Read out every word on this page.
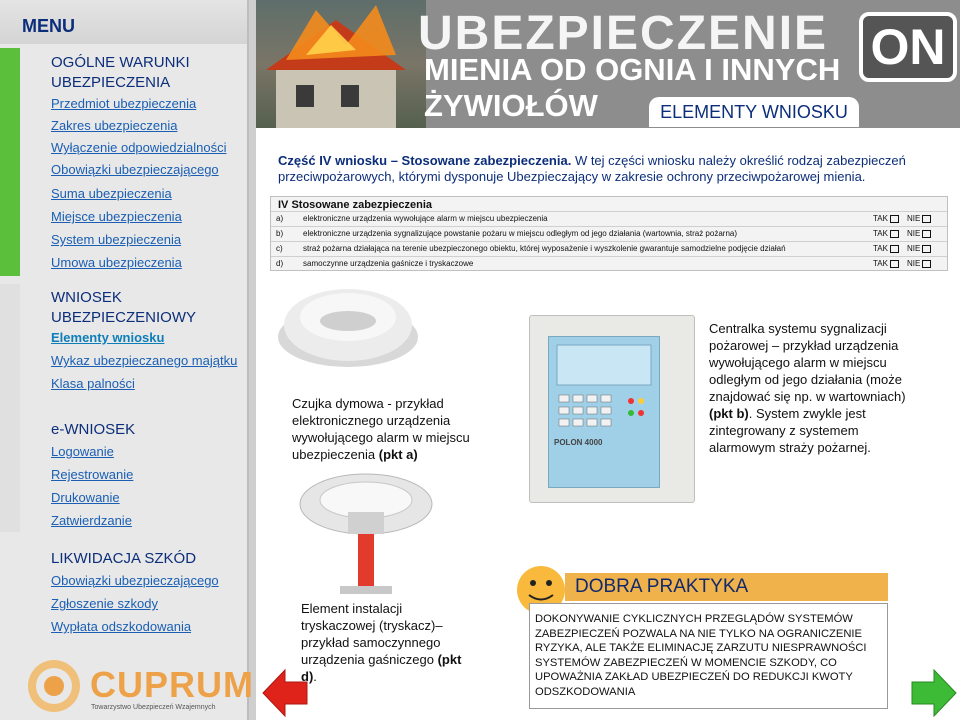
MENU
OGÓLNE WARUNKI UBEZPIECZENIA
Przedmiot ubezpieczenia
Zakres ubezpieczenia
Wyłączenie odpowiedzialności
Obowiązki ubezpieczającego
Suma ubezpieczenia
Miejsce ubezpieczenia
System ubezpieczenia
Umowa ubezpieczenia
WNIOSEK UBEZPIECZENIOWY
Elementy wniosku
Wykaz ubezpieczanego majątku
Klasa palności
e-WNIOSEK
Logowanie
Rejestrowanie
Drukowanie
Zatwierdzanie
LIKWIDACJA SZKÓD
Obowiązki ubezpieczającego
Zgłoszenie szkody
Wypłata odszkodowania
CUPRUM
Towarzystwo Ubezpieczeń Wzajemnych
UBEZPIECZENIE
MIENIA OD OGNIA I INNYCH ŻYWIOŁÓW
ON
ELEMENTY WNIOSKU
Część IV wniosku – Stosowane zabezpieczenia. W tej części wniosku należy określić rodzaj zabezpieczeń przeciwpożarowych, którymi dysponuje Ubezpieczający w zakresie ochrony przeciwpożarowej mienia.
IV Stosowane zabezpieczenia
a) elektroniczne urządzenia wywołujące alarm w miejscu ubezpieczenia	TAK	NIE
b) elektroniczne urządzenia sygnalizujące powstanie pożaru w miejscu odległym od jego działania (wartownia, straż pożarna)	TAK	NIE
c)	straż pożarna działająca na terenie ubezpieczonego obiektu, której wyposażenie i wyszkolenie gwarantuje samodzielne podjęcie działań	TAK	NIE
d) samoczynne urządzenia gaśnicze i tryskaczowe	TAK	NIE
Czujka dymowa - przykład elektronicznego urządzenia wywołującego alarm w miejscu ubezpieczenia (pkt a)
POLON 4000
Centralka systemu sygnalizacji pożarowej – przykład urządzenia wywołującego alarm w miejscu odległym od jego działania (może znajdować się np. w wartowniach) (pkt b). System zwykle jest zintegrowany z systemem alarmowym straży pożarnej.
Element instalacji tryskaczowej (tryskacz)– przykład samoczynnego urządzenia gaśniczego (pkt d).
DOBRA PRAKTYKA
DOKONYWANIE CYKLICZNYCH PRZEGLĄDÓW SYSTEMÓW ZABEZPIECZEŃ POZWALA NA NIE TYLKO NA OGRANICZENIE RYZYKA, ALE TAKŻE ELIMINACJĘ ZARZUTU NIESPRAWNOŚCI SYSTEMÓW ZABEZPIECZEŃ W MOMENCIE SZKODY, CO UPOWAŻNIA ZAKŁAD UBEZPIECZEŃ DO REDUKCJI KWOTY ODSZKODOWANIA
